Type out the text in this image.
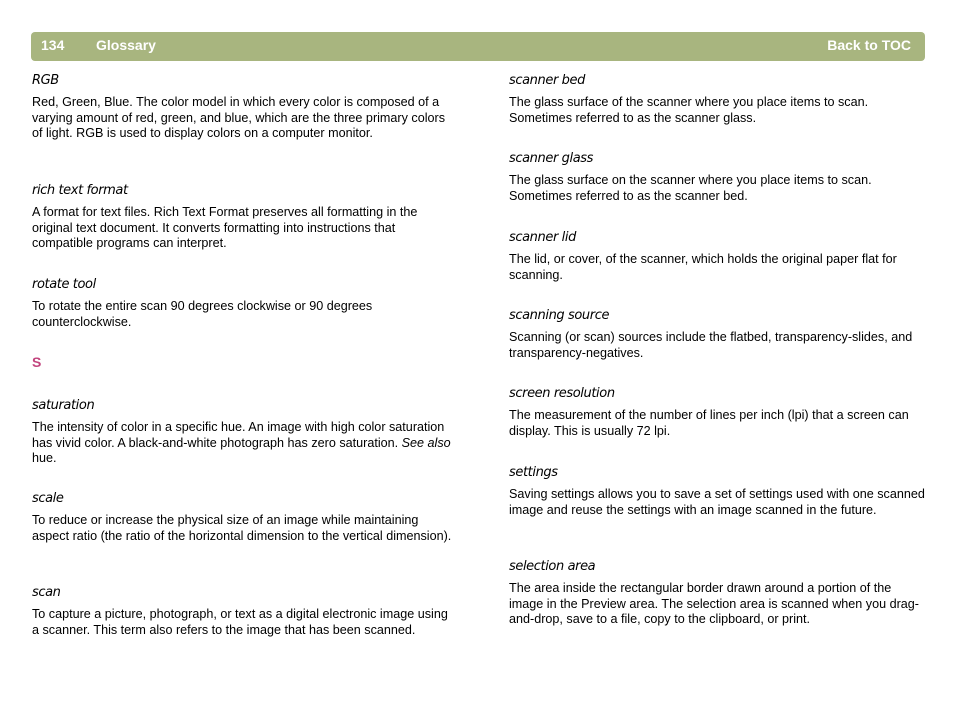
134 Glossary	Back to TOC

RGB

Red, Green, Blue. The color model in which every color is composed of a varying amount of red, green, and blue, which are the three primary colors of light. RGB is used to display colors on a computer monitor.

rich text format

A format for text files. Rich Text Format preserves all formatting in the original text document. It converts formatting into instructions that compatible programs can interpret.

rotate tool

To rotate the entire scan 90 degrees clockwise or 90 degrees counterclockwise.

S

saturation

The intensity of color in a specific hue. An image with high color saturation has vivid color. A black-and-white photograph has zero saturation. See also hue.

scale

To reduce or increase the physical size of an image while maintaining aspect ratio (the ratio of the horizontal dimension to the vertical dimension).

scan

To capture a picture, photograph, or text as a digital electronic image using a scanner. This term also refers to the image that has been scanned.

scanner bed

The glass surface of the scanner where you place items to scan. Sometimes referred to as the scanner glass.

scanner glass

The glass surface on the scanner where you place items to scan. Sometimes referred to as the scanner bed.

scanner lid

The lid, or cover, of the scanner, which holds the original paper flat for scanning.

scanning source

Scanning (or scan) sources include the flatbed, transparency-slides, and transparency-negatives.

screen resolution

The measurement of the number of lines per inch (lpi) that a screen can display. This is usually 72 lpi.

settings

Saving settings allows you to save a set of settings used with one scanned image and reuse the settings with an image scanned in the future.

selection area

The area inside the rectangular border drawn around a portion of the image in the Preview area. The selection area is scanned when you drag-and-drop, save to a file, copy to the clipboard, or print.
